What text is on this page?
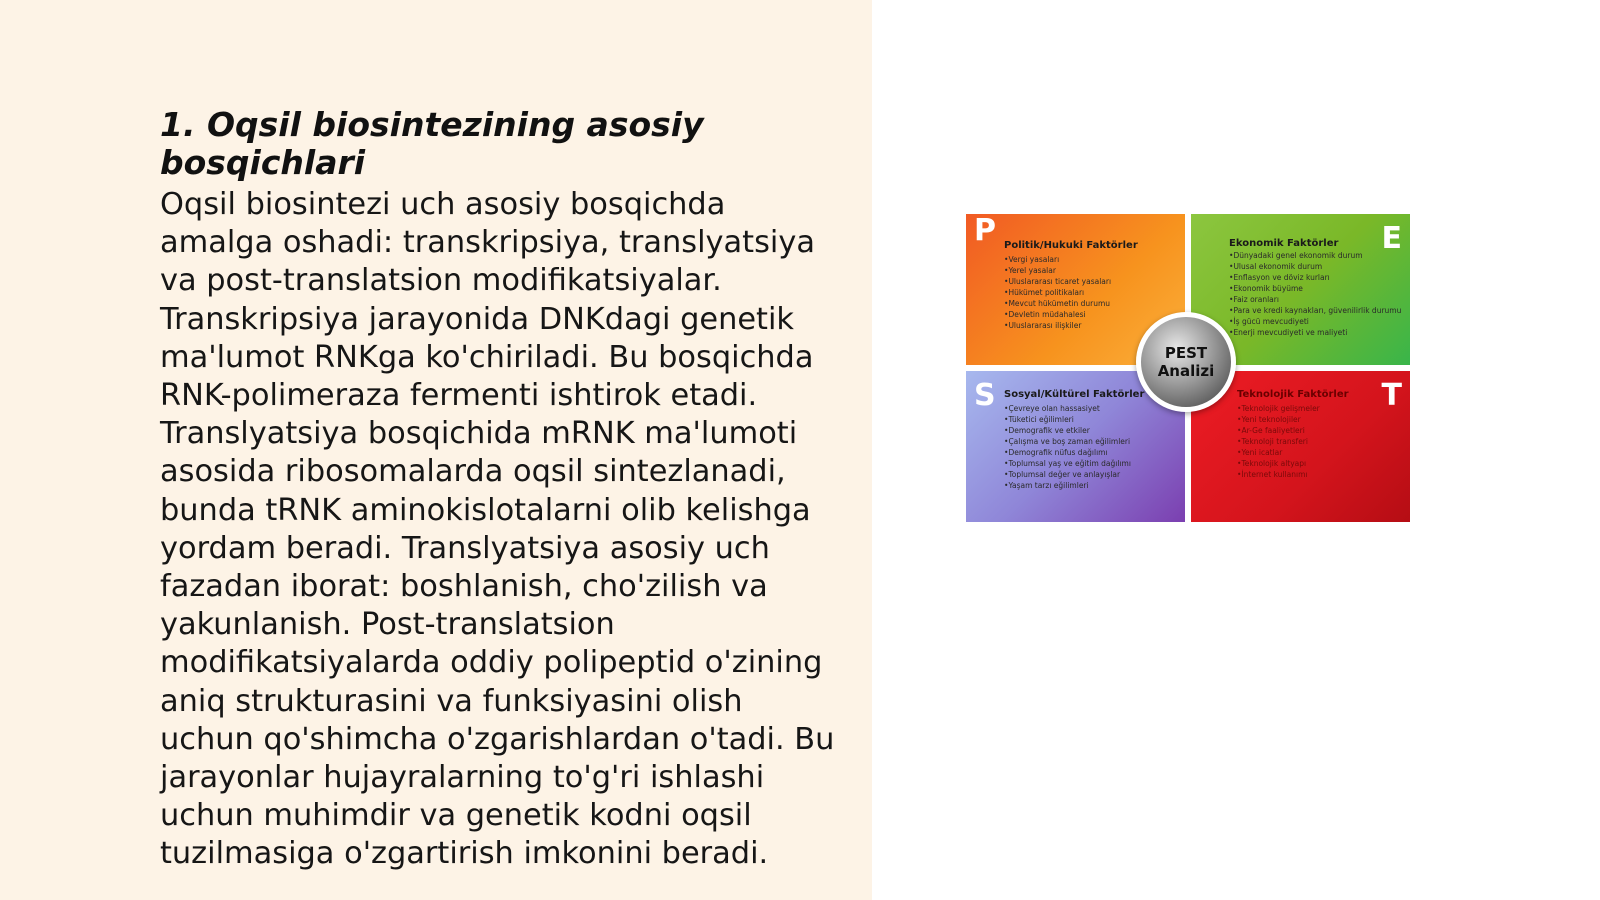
1. Oqsil biosintezining asosiy bosqichlari

Oqsil biosintezi uch asosiy bosqichda amalga oshadi: transkripsiya, translyatsiya va post-translatsion modifikatsiyalar. Transkripsiya jarayonida DNKdagi genetik ma'lumot RNKga ko'chiriladi. Bu bosqichda RNK-polimeraza fermenti ishtirok etadi. Translyatsiya bosqichida mRNK ma'lumoti asosida ribosomalarda oqsil sintezlanadi, bunda tRNK aminokislotalarni olib kelishga yordam beradi. Translyatsiya asosiy uch fazadan iborat: boshlanish, cho'zilish va yakunlanish. Post-translatsion modifikatsiyalarda oddiy polipeptid o'zining aniq strukturasini va funksiyasini olish uchun qo'shimcha o'zgarishlardan o'tadi. Bu jarayonlar hujayralarning to'g'ri ishlashi uchun muhimdir va genetik kodni oqsil tuzilmasiga o'zgartirish imkonini beradi.

P Politik/Hukuki Faktörler
• Vergi yasaları
• Yerel yasalar
• Uluslararası ticaret yasaları
• Hükümet politikaları
• Mevcut hükümetin durumu
• Devletin müdahalesi
• Uluslararası ilişkiler
E
Ekonomik Faktörler
• Dünyadaki genel ekonomik durum
• Ulusal ekonomik durum
• Enflasyon ve döviz kurları
• Ekonomik büyüme
• Faiz oranları
• Para ve kredi kaynakları, güvenilirlik durumu
• İş gücü mevcudiyeti
• Enerji mevcudiyeti ve maliyeti
S Sosyal/Kültürel Faktörler
• Çevreye olan hassasiyet
• Tüketici eğilimleri
• Demografik ve etkiler
• Çalışma ve boş zaman eğilimleri
• Demografik nüfus dağılımı
• Toplumsal yaş ve eğitim dağılımı
• Toplumsal değer ve anlayışlar
• Yaşam tarzı eğilimleri
T
Teknolojik Faktörler
• Teknolojik gelişmeler
• Yeni teknolojiler
• Ar-Ge faaliyetleri
• Teknoloji transferi
• Yeni icatlar
• Teknolojik altyapı
• İnternet kullanımı
PEST
Analizi
